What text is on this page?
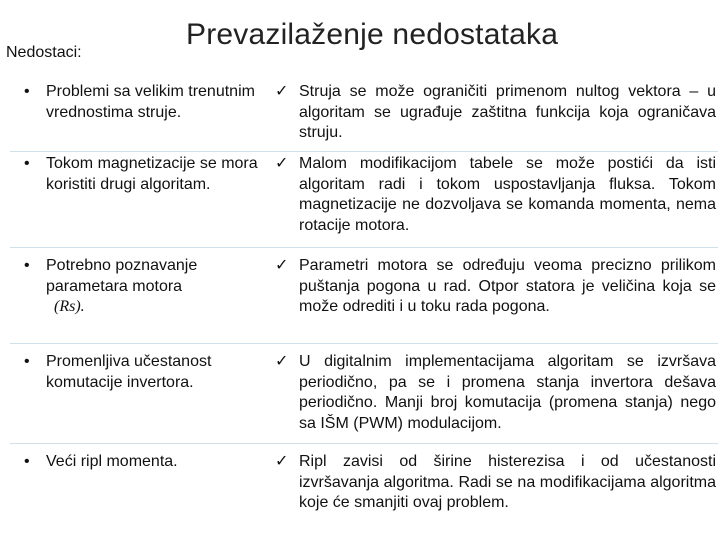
Nedostaci:
Prevazilaženje nedostataka
•	Problemi sa velikim trenutnim vrednostima struje.
✓ Struja se može ograničiti primenom nultog vektora – u algoritam se ugrađuje zaštitna funkcija koja ograničava struju.
•	Tokom magnetizacije se mora koristiti drugi algoritam.
✓ Malom modifikacijom tabele se može postići da isti algoritam radi i tokom uspostavljanja fluksa. Tokom magnetizacije ne dozvoljava se komanda momenta, nema rotacije motora.
•	Potrebno poznavanje parametara motora
(Rs).
✓ Parametri motora se određuju veoma precizno prilikom puštanja pogona u rad. Otpor statora je veličina koja se može odrediti i u toku rada pogona.
•	Promenljiva učestanost komutacije invertora.
✓ U digitalnim implementacijama algoritam se izvršava periodično, pa se i promena stanja invertora dešava periodično. Manji broj komutacija (promena stanja) nego sa IŠM (PWM) modulacijom.
•	Veći ripl momenta.	✓ Ripl zavisi od širine histerezisa i od učestanosti izvršavanja algoritma. Radi se na modifikacijama algoritma koje će smanjiti ovaj problem.
